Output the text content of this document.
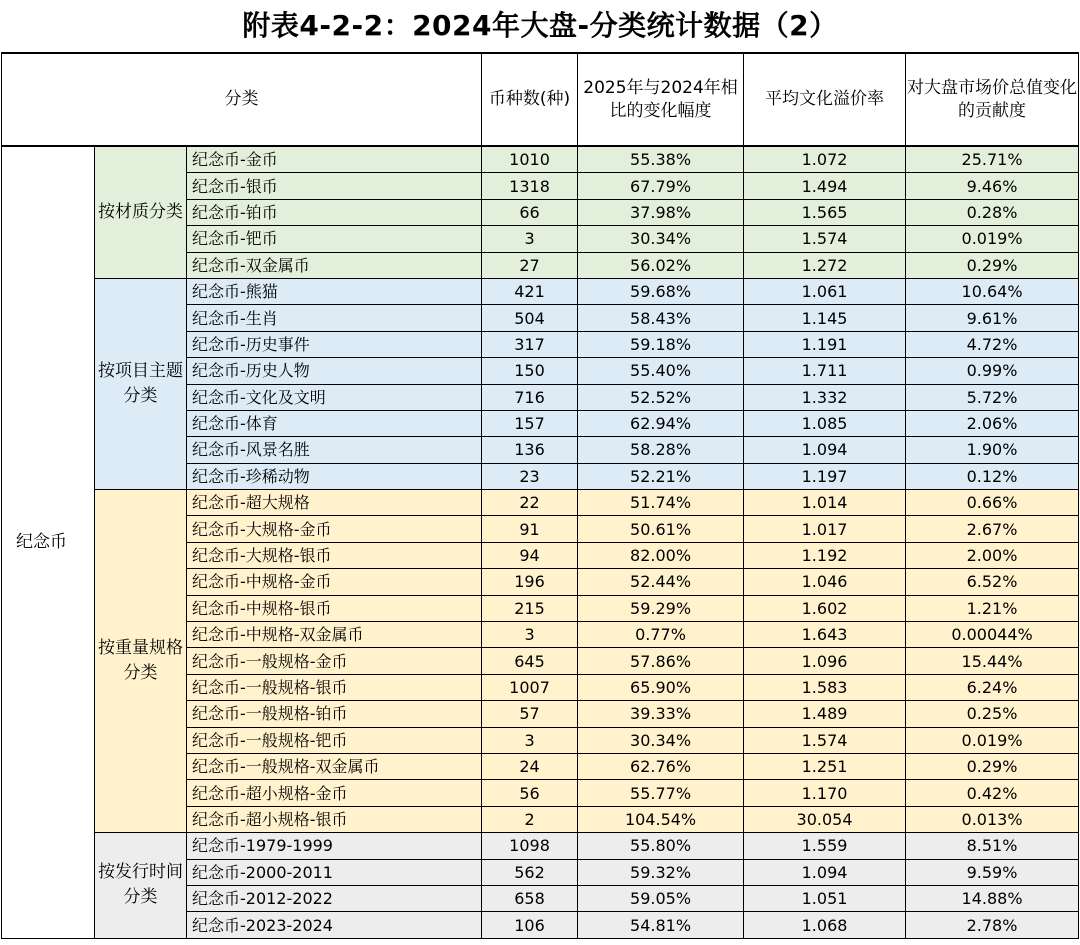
附表4-2-2：2024年大盘-分类统计数据（2）
分类			币种数(种)	2025年与2024年相比的变化幅度	平均文化溢价率	对大盘市场价总值变化的贡献度
纪念币	按材质分类	纪念币-金币	1010	55.38%	1.072	25.71%
		纪念币-银币	1318	67.79%	1.494	9.46%
		纪念币-铂币	66	37.98%	1.565	0.28%
		纪念币-钯币	3	30.34%	1.574	0.019%
		纪念币-双金属币	27	56.02%	1.272	0.29%
	按项目主题分类	纪念币-熊猫	421	59.68%	1.061	10.64%
		纪念币-生肖	504	58.43%	1.145	9.61%
		纪念币-历史事件	317	59.18%	1.191	4.72%
		纪念币-历史人物	150	55.40%	1.711	0.99%
		纪念币-文化及文明	716	52.52%	1.332	5.72%
		纪念币-体育	157	62.94%	1.085	2.06%
		纪念币-风景名胜	136	58.28%	1.094	1.90%
		纪念币-珍稀动物	23	52.21%	1.197	0.12%
	按重量规格分类	纪念币-超大规格	22	51.74%	1.014	0.66%
		纪念币-大规格-金币	91	50.61%	1.017	2.67%
		纪念币-大规格-银币	94	82.00%	1.192	2.00%
		纪念币-中规格-金币	196	52.44%	1.046	6.52%
		纪念币-中规格-银币	215	59.29%	1.602	1.21%
		纪念币-中规格-双金属币	3	0.77%	1.643	0.00044%
		纪念币-一般规格-金币	645	57.86%	1.096	15.44%
		纪念币-一般规格-银币	1007	65.90%	1.583	6.24%
		纪念币-一般规格-铂币	57	39.33%	1.489	0.25%
		纪念币-一般规格-钯币	3	30.34%	1.574	0.019%
		纪念币-一般规格-双金属币	24	62.76%	1.251	0.29%
		纪念币-超小规格-金币	56	55.77%	1.170	0.42%
		纪念币-超小规格-银币	2	104.54%	30.054	0.013%
	按发行时间分类	纪念币-1979-1999	1098	55.80%	1.559	8.51%
		纪念币-2000-2011	562	59.32%	1.094	9.59%
		纪念币-2012-2022	658	59.05%	1.051	14.88%
		纪念币-2023-2024	106	54.81%	1.068	2.78%
